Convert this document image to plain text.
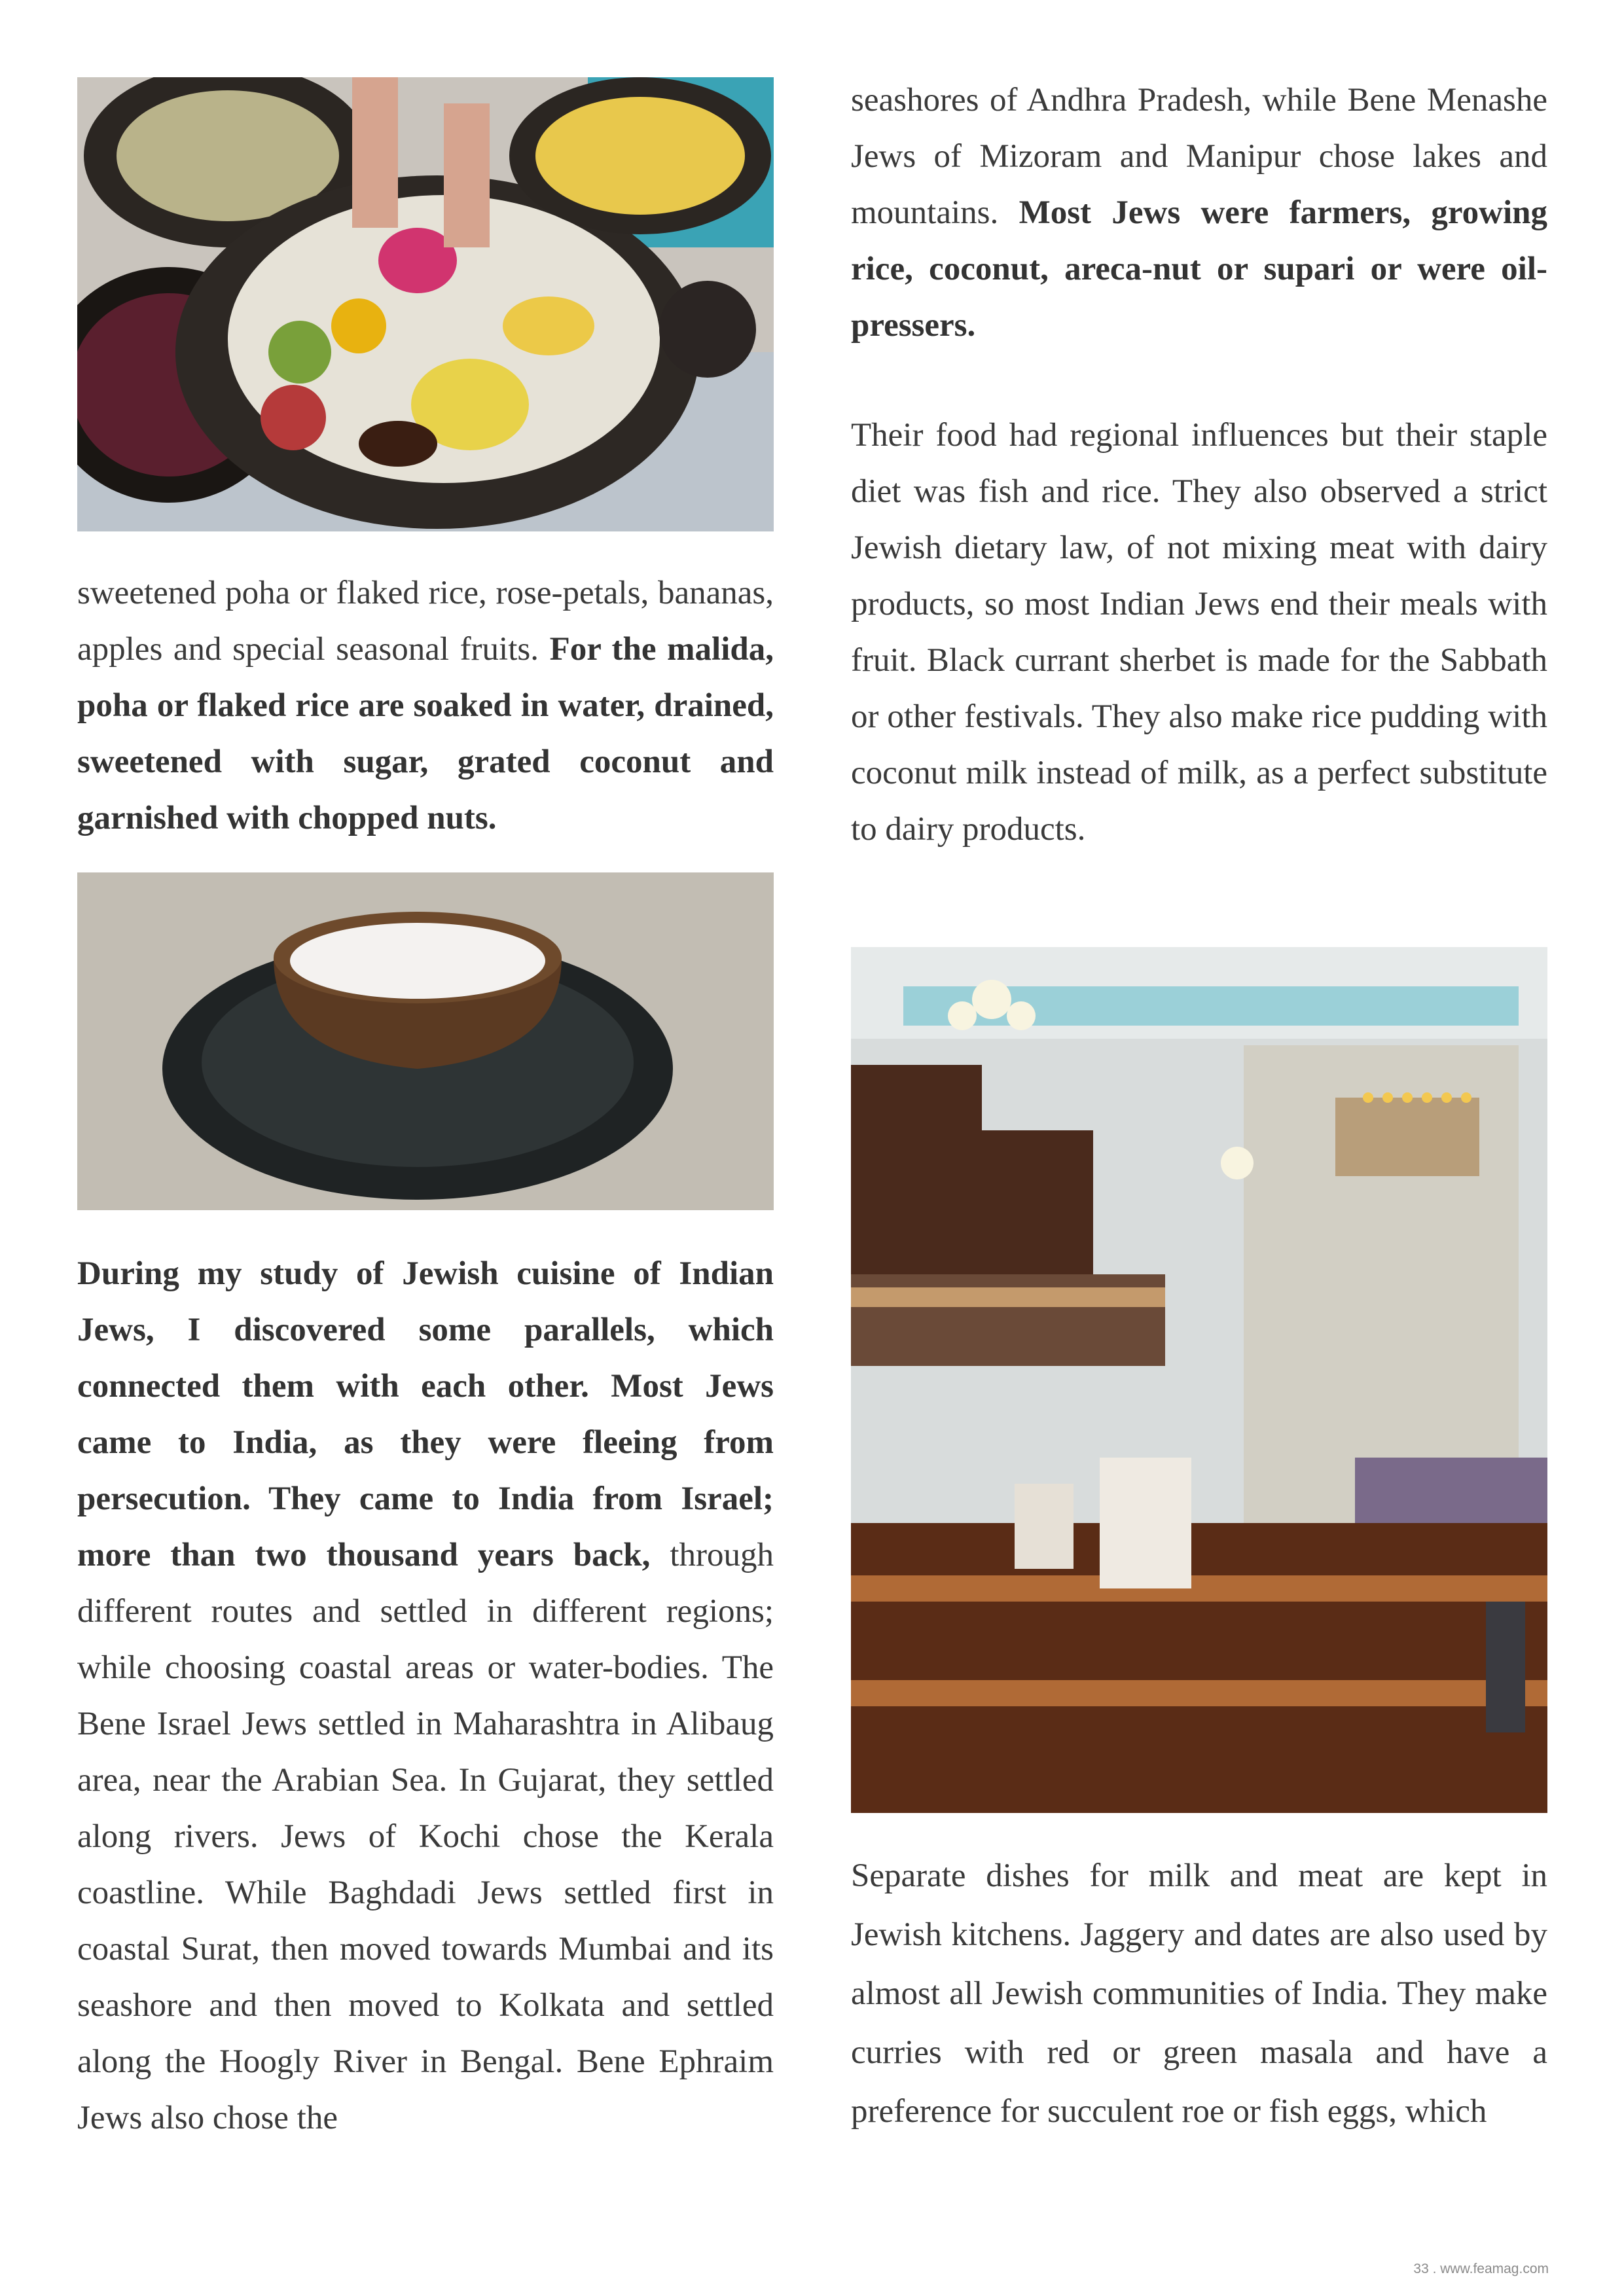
seashores of Andhra Pradesh, while Bene Menashe Jews of Mizoram and Manipur chose lakes and mountains. Most Jews were farmers, growing rice, coconut, areca-nut or supari or were oil-pressers.

Their food had regional influences but their staple diet was fish and rice. They also observed a strict Jewish dietary law, of not mixing meat with dairy products, so most Indian Jews end their meals with fruit. Black currant sherbet is made for the Sabbath or other festivals. They also make rice pudding with coconut milk instead of milk, as a perfect substitute to dairy products.

sweetened poha or flaked rice, rose-petals, bananas, apples and special seasonal fruits. For the malida, poha or flaked rice are soaked in water, drained, sweetened with sugar, grated coconut and garnished with chopped nuts.

During my study of Jewish cuisine of Indian Jews, I discovered some parallels, which connected them with each other. Most Jews came to India, as they were fleeing from persecution. They came to India from Israel; more than two thousand years back, through different routes and settled in different regions; while choosing coastal areas or water-bodies. The Bene Israel Jews settled in Maharashtra in Alibaug area, near the Arabian Sea. In Gujarat, they settled along rivers. Jews of Kochi chose the Kerala coastline. While Baghdadi Jews settled first in coastal Surat, then moved towards Mumbai and its seashore and then moved to Kolkata and settled along the Hoogly River in Bengal. Bene Ephraim Jews also chose the

Separate dishes for milk and meat are kept in Jewish kitchens. Jaggery and dates are also used by almost all Jewish communities of India. They make curries with red or green masala and have a preference for succulent roe or fish eggs, which

33 . www.feamag.com
